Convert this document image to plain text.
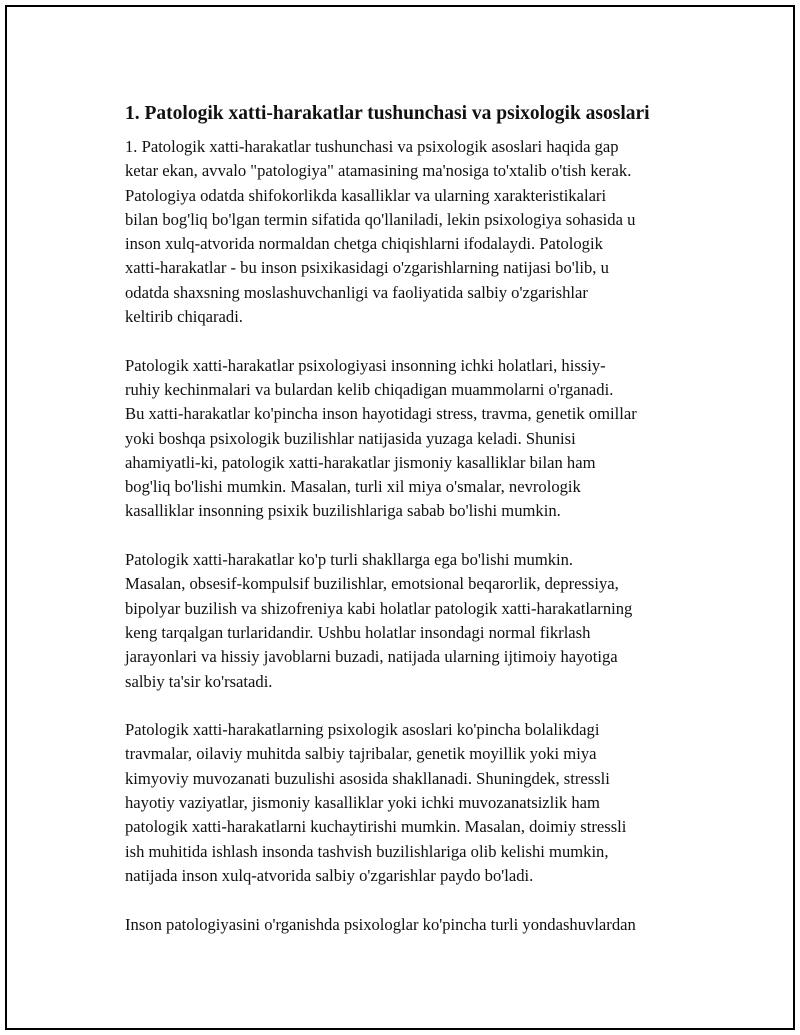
1. Patologik xatti-harakatlar tushunchasi va psixologik asoslari

1. Patologik xatti-harakatlar tushunchasi va psixologik asoslari haqida gap
ketar ekan, avvalo "patologiya" atamasining ma'nosiga to'xtalib o'tish kerak.
Patologiya odatda shifokorlikda kasalliklar va ularning xarakteristikalari
bilan bog'liq bo'lgan termin sifatida qo'llaniladi, lekin psixologiya sohasida u
inson xulq-atvorida normaldan chetga chiqishlarni ifodalaydi. Patologik
xatti-harakatlar - bu inson psixikasidagi o'zgarishlarning natijasi bo'lib, u
odatda shaxsning moslashuvchanligi va faoliyatida salbiy o'zgarishlar
keltirib chiqaradi.

Patologik xatti-harakatlar psixologiyasi insonning ichki holatlari, hissiy-
ruhiy kechinmalari va bulardan kelib chiqadigan muammolarni o'rganadi.
Bu xatti-harakatlar ko'pincha inson hayotidagi stress, travma, genetik omillar
yoki boshqa psixologik buzilishlar natijasida yuzaga keladi. Shunisi
ahamiyatli-ki, patologik xatti-harakatlar jismoniy kasalliklar bilan ham
bog'liq bo'lishi mumkin. Masalan, turli xil miya o'smalar, nevrologik
kasalliklar insonning psixik buzilishlariga sabab bo'lishi mumkin.

Patologik xatti-harakatlar ko'p turli shakllarga ega bo'lishi mumkin.
Masalan, obsesif-kompulsif buzilishlar, emotsional beqarorlik, depressiya,
bipolyar buzilish va shizofreniya kabi holatlar patologik xatti-harakatlarning
keng tarqalgan turlaridandir. Ushbu holatlar insondagi normal fikrlash
jarayonlari va hissiy javoblarni buzadi, natijada ularning ijtimoiy hayotiga
salbiy ta'sir ko'rsatadi.

Patologik xatti-harakatlarning psixologik asoslari ko'pincha bolalikdagi
travmalar, oilaviy muhitda salbiy tajribalar, genetik moyillik yoki miya
kimyoviy muvozanati buzulishi asosida shakllanadi. Shuningdek, stressli
hayotiy vaziyatlar, jismoniy kasalliklar yoki ichki muvozanatsizlik ham
patologik xatti-harakatlarni kuchaytirishi mumkin. Masalan, doimiy stressli
ish muhitida ishlash insonda tashvish buzilishlariga olib kelishi mumkin,
natijada inson xulq-atvorida salbiy o'zgarishlar paydo bo'ladi.

Inson patologiyasini o'rganishda psixologlar ko'pincha turli yondashuvlardan
